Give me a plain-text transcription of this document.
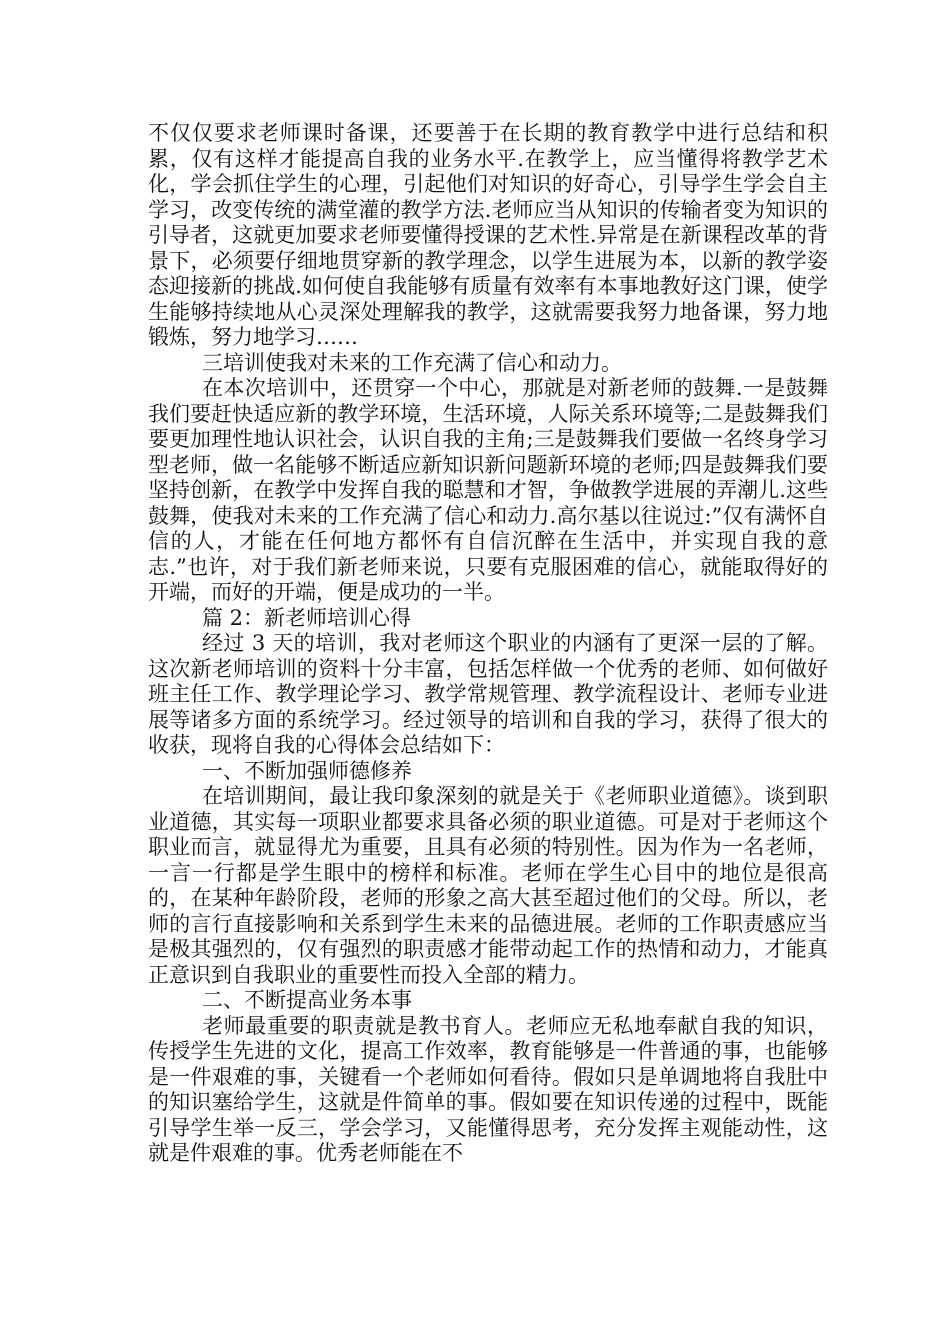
不仅仅要求老师课时备课，还要善于在长期的教育教学中进行总结和积累，仅有这样才能提高自我的业务水平.在教学上，应当懂得将教学艺术化，学会抓住学生的心理，引起他们对知识的好奇心，引导学生学会自主学习，改变传统的满堂灌的教学方法.老师应当从知识的传输者变为知识的引导者，这就更加要求老师要懂得授课的艺术性.异常是在新课程改革的背景下，必须要仔细地贯穿新的教学理念，以学生进展为本，以新的教学姿态迎接新的挑战.如何使自我能够有质量有效率有本事地教好这门课，使学生能够持续地从心灵深处理解我的教学，这就需要我努力地备课，努力地锻炼，努力地学习……

三培训使我对未来的工作充满了信心和动力。

在本次培训中，还贯穿一个中心，那就是对新老师的鼓舞.一是鼓舞我们要赶快适应新的教学环境，生活环境，人际关系环境等;二是鼓舞我们要更加理性地认识社会，认识自我的主角;三是鼓舞我们要做一名终身学习型老师，做一名能够不断适应新知识新问题新环境的老师;四是鼓舞我们要坚持创新，在教学中发挥自我的聪慧和才智，争做教学进展的弄潮儿.这些鼓舞，使我对未来的工作充满了信心和动力.高尔基以往说过:”仅有满怀自信的人，才能在任何地方都怀有自信沉醉在生活中，并实现自我的意志.”也许，对于我们新老师来说，只要有克服困难的信心，就能取得好的开端，而好的开端，便是成功的一半。

篇 2：新老师培训心得

经过 3 天的培训，我对老师这个职业的内涵有了更深一层的了解。这次新老师培训的资料十分丰富，包括怎样做一个优秀的老师、如何做好班主任工作、教学理论学习、教学常规管理、教学流程设计、老师专业进展等诸多方面的系统学习。经过领导的培训和自我的学习，获得了很大的收获，现将自我的心得体会总结如下：

一、不断加强师德修养

在培训期间，最让我印象深刻的就是关于《老师职业道德》。谈到职业道德，其实每一项职业都要求具备必须的职业道德。可是对于老师这个职业而言，就显得尤为重要，且具有必须的特别性。因为作为一名老师，一言一行都是学生眼中的榜样和标准。老师在学生心目中的地位是很高的，在某种年龄阶段，老师的形象之高大甚至超过他们的父母。所以，老师的言行直接影响和关系到学生未来的品德进展。老师的工作职责感应当是极其强烈的，仅有强烈的职责感才能带动起工作的热情和动力，才能真正意识到自我职业的重要性而投入全部的精力。

二、不断提高业务本事

老师最重要的职责就是教书育人。老师应无私地奉献自我的知识，传授学生先进的文化，提高工作效率，教育能够是一件普通的事，也能够是一件艰难的事，关键看一个老师如何看待。假如只是单调地将自我肚中的知识塞给学生，这就是件简单的事。假如要在知识传递的过程中，既能引导学生举一反三，学会学习，又能懂得思考，充分发挥主观能动性，这就是件艰难的事。优秀老师能在不
